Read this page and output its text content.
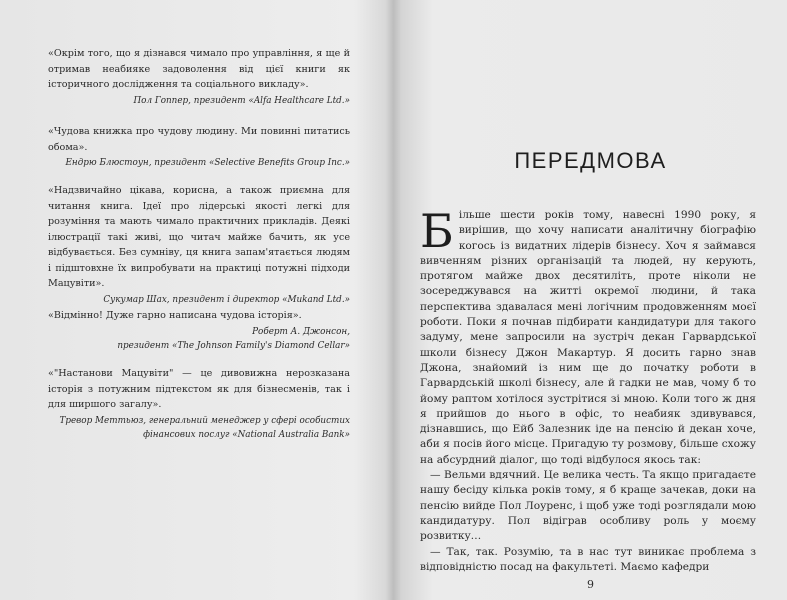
«Окрім того, що я дізнався чимало про управління, я ще й отримав неабияке задоволення від цієї книги як історичного дослідження та соціального викладу».

Пол Гоппер, президент «Alfa Healthcare Ltd.»

«Чудова книжка про чудову людину. Ми повинні питатись обома».

Ендрю Блюстоун, президент «Selective Benefits Group Inc.»

«Надзвичайно цікава, корисна, а також приємна для читання книга. Ідеї про лідерські якості легкі для розуміння та мають чимало практичних прикладів. Деякі ілюстрації такі живі, що читач майже бачить, як усе відбувається. Без сумніву, ця книга запам'ятається людям і підштовхне їх випробувати на практиці потужні підходи Мацувіти».

Сукумар Шах, президент і директор «Mukand Ltd.»

«Відмінно! Дуже гарно написана чудова історія».

Роберт А. Джонсон,
президент «The Johnson Family's Diamond Cellar»

«"Настанови Мацувіти" — це дивовижна нерозказана історія з потужним підтекстом як для бізнесменів, так і для ширшого загалу».

Тревор Меттьюз, генеральний менеджер у сфері особистих
фінансових послуг «National Australia Bank»
ПЕРЕДМОВА

Більше шести років тому, навесні 1990 року, я вирішив, що хочу написати аналітичну біографію когось із видатних лідерів бізнесу. Хоч я займався вивченням різних організацій та людей, ну керують, протягом майже двох десятиліть, проте ніколи не зосереджувався на житті окремої людини, й така перспектива здавалася мені логічним продовженням моєї роботи. Поки я почнав підбирати кандидатури для такого задуму, мене запросили на зустріч декан Гарвардської школи бізнесу Джон Макартур. Я досить гарно знав Джона, знайомий із ним ще до початку роботи в Гарвардській школі бізнесу, але й гадки не мав, чому б то йому раптом хотілося зустрітися зі мною. Коли того ж дня я прийшов до нього в офіс, то неабияк здивувався, дізнавшись, що Ейб Залезник іде на пенсію й декан хоче, аби я посів його місце. Пригадую ту розмову, більше схожу на абсурдний діалог, що тоді відбулося якось так:

— Вельми вдячний. Це велика честь. Та якщо пригадаєте нашу бесіду кілька років тому, я б краще зачекав, доки на пенсію вийде Пол Лоуренс, і щоб уже тоді розглядали мою кандидатуру. Пол відіграв особливу роль у моєму розвитку…

— Так, так. Розумію, та в нас тут виникає проблема з відповідністю посад на факультеті. Маємо кафедри

9
